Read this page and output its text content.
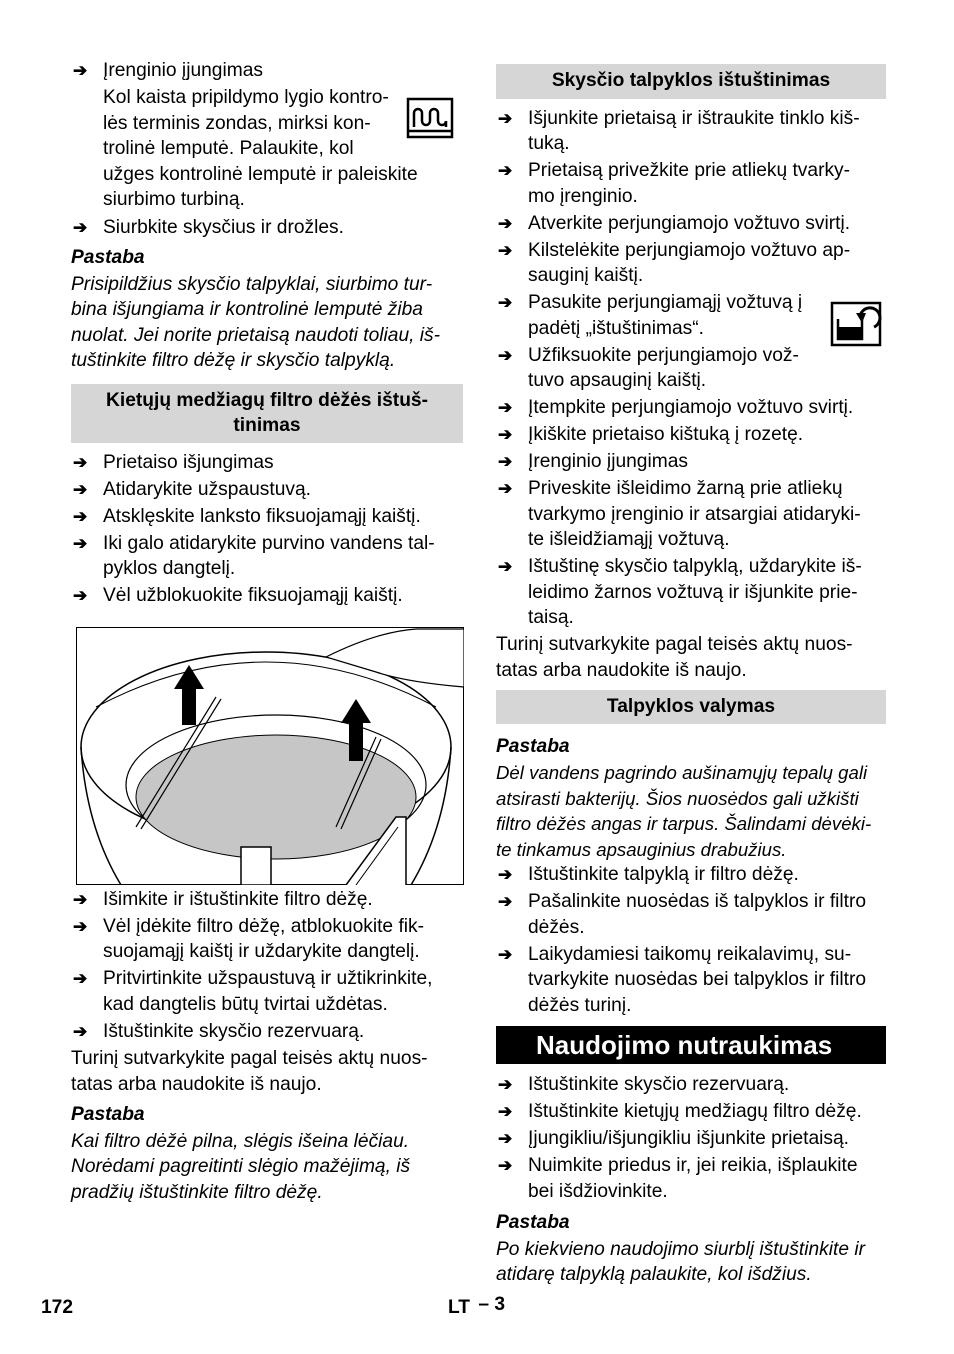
➔ Įrenginio įjungimas
Kol kaista pripildymo lygio kontro-
lės terminis zondas, mirksi kon-
trolinė lemputė. Palaukite, kol
užges kontrolinė lemputė ir paleiskite
siurbimo turbiną.
➔ Siurbkite skysčius ir drožles.
Pastaba
Prisipildžius skysčio talpyklai, siurbimo tur-
bina išjungiama ir kontrolinė lemputė žiba
nuolat. Jei norite prietaisą naudoti toliau, iš-
tuštinkite filtro dėžę ir skysčio talpyklą.
Kietųjų medžiagų filtro dėžės ištuš-
tinimas
➔ Prietaiso išjungimas
➔ Atidarykite užspaustuvą.
➔ Atsklęskite lanksto fiksuojamąjį kaištį.
➔ Iki galo atidarykite purvino vandens tal-
pyklos dangtelį.
➔ Vėl užblokuokite fiksuojamąjį kaištį.
➔ Išimkite ir ištuštinkite filtro dėžę.
➔ Vėl įdėkite filtro dėžę, atblokuokite fik-
suojamąjį kaištį ir uždarykite dangtelį.
➔ Pritvirtinkite užspaustuvą ir užtikrinkite,
kad dangtelis būtų tvirtai uždėtas.
➔ Ištuštinkite skysčio rezervuarą.
Turinį sutvarkykite pagal teisės aktų nuos-
tatas arba naudokite iš naujo.
Pastaba
Kai filtro dėžė pilna, slėgis išeina lėčiau.
Norėdami pagreitinti slėgio mažėjimą, iš
pradžių ištuštinkite filtro dėžę.
Skysčio talpyklos ištuštinimas
➔ Išjunkite prietaisą ir ištraukite tinklo kiš-
tuką.
➔ Prietaisą privežkite prie atliekų tvarky-
mo įrenginio.
➔ Atverkite perjungiamojo vožtuvo svirtį.
➔ Kilstelėkite perjungiamojo vožtuvo ap-
sauginį kaištį.
➔ Pasukite perjungiamąjį vožtuvą į
padėtį „ištuštinimas“.
➔ Užfiksuokite perjungiamojo vož-
tuvo apsauginį kaištį.
➔ Įtempkite perjungiamojo vožtuvo svirtį.
➔ Įkiškite prietaiso kištuką į rozetę.
➔ Įrenginio įjungimas
➔ Priveskite išleidimo žarną prie atliekų
tvarkymo įrenginio ir atsargiai atidaryki-
te išleidžiamąjį vožtuvą.
➔ Ištuštinę skysčio talpyklą, uždarykite iš-
leidimo žarnos vožtuvą ir išjunkite prie-
taisą.
Turinį sutvarkykite pagal teisės aktų nuos-
tatas arba naudokite iš naujo.
Talpyklos valymas
Pastaba
Dėl vandens pagrindo aušinamųjų tepalų gali
atsirasti bakterijų. Šios nuosėdos gali užkišti
filtro dėžės angas ir tarpus. Šalindami dėvėki-
te tinkamus apsauginius drabužius.
➔ Ištuštinkite talpyklą ir filtro dėžę.
➔ Pašalinkite nuosėdas iš talpyklos ir filtro
dėžės.
➔ Laikydamiesi taikomų reikalavimų, su-
tvarkykite nuosėdas bei talpyklos ir filtro
dėžės turinį.
Naudojimo nutraukimas
➔ Ištuštinkite skysčio rezervuarą.
➔ Ištuštinkite kietųjų medžiagų filtro dėžę.
➔ Įjungikliu/išjungikliu išjunkite prietaisą.
➔ Nuimkite priedus ir, jei reikia, išplaukite
bei išdžiovinkite.
Pastaba
Po kiekvieno naudojimo siurblį ištuštinkite ir
atidarę talpyklą palaukite, kol išdžius.
172	LT – 3
